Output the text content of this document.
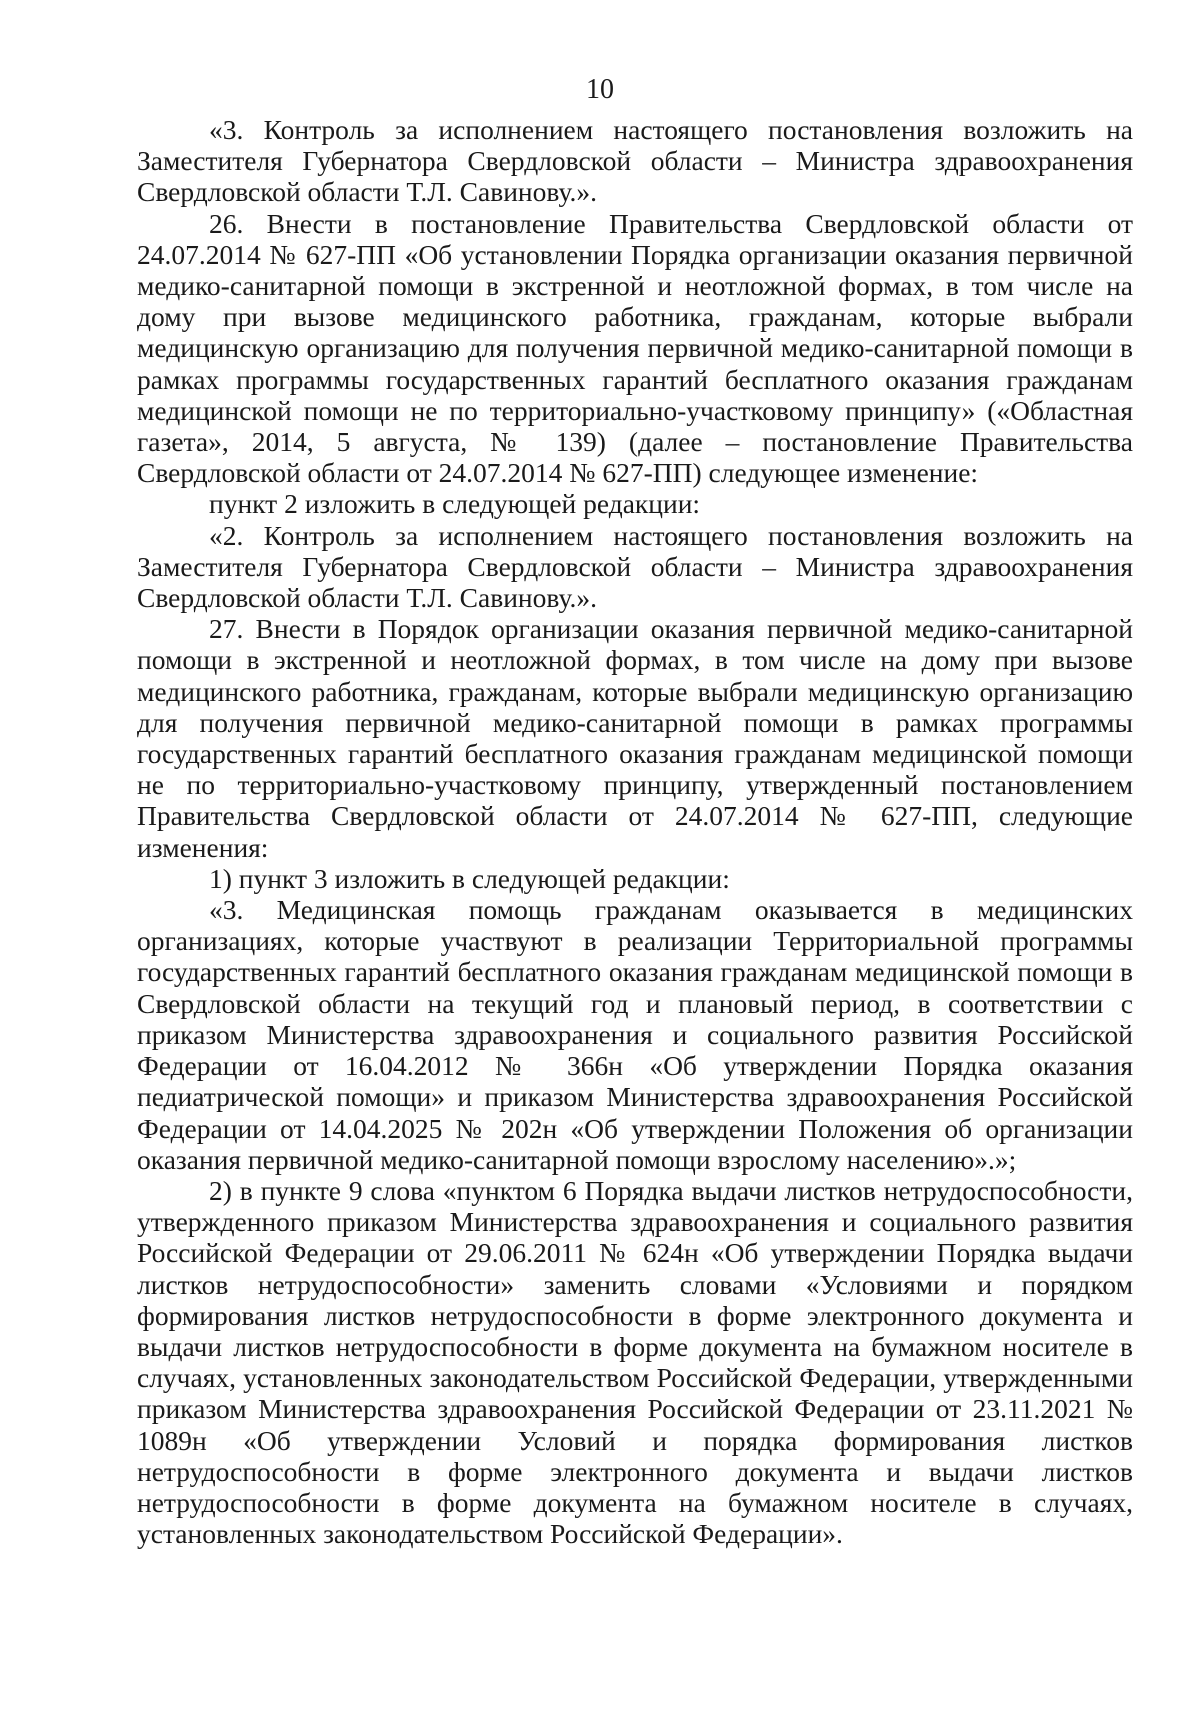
10

«3. Контроль за исполнением настоящего постановления возложить на Заместителя Губернатора Свердловской области – Министра здравоохранения Свердловской области Т.Л. Савинову.».

26. Внести в постановление Правительства Свердловской области от 24.07.2014 № 627-ПП «Об установлении Порядка организации оказания первичной медико-санитарной помощи в экстренной и неотложной формах, в том числе на дому при вызове медицинского работника, гражданам, которые выбрали медицинскую организацию для получения первичной медико-санитарной помощи в рамках программы государственных гарантий бесплатного оказания гражданам медицинской помощи не по территориально-участковому принципу» («Областная газета», 2014, 5 августа, № 139) (далее – постановление Правительства Свердловской области от 24.07.2014 № 627-ПП) следующее изменение:

пункт 2 изложить в следующей редакции:

«2. Контроль за исполнением настоящего постановления возложить на Заместителя Губернатора Свердловской области – Министра здравоохранения Свердловской области Т.Л. Савинову.».

27. Внести в Порядок организации оказания первичной медико-санитарной помощи в экстренной и неотложной формах, в том числе на дому при вызове медицинского работника, гражданам, которые выбрали медицинскую организацию для получения первичной медико-санитарной помощи в рамках программы государственных гарантий бесплатного оказания гражданам медицинской помощи не по территориально-участковому принципу, утвержденный постановлением Правительства Свердловской области от 24.07.2014 № 627-ПП, следующие изменения:

1) пункт 3 изложить в следующей редакции:

«3. Медицинская помощь гражданам оказывается в медицинских организациях, которые участвуют в реализации Территориальной программы государственных гарантий бесплатного оказания гражданам медицинской помощи в Свердловской области на текущий год и плановый период, в соответствии с приказом Министерства здравоохранения и социального развития Российской Федерации от 16.04.2012 № 366н «Об утверждении Порядка оказания педиатрической помощи» и приказом Министерства здравоохранения Российской Федерации от 14.04.2025 № 202н «Об утверждении Положения об организации оказания первичной медико-санитарной помощи взрослому населению».»;

2) в пункте 9 слова «пунктом 6 Порядка выдачи листков нетрудоспособности, утвержденного приказом Министерства здравоохранения и социального развития Российской Федерации от 29.06.2011 № 624н «Об утверждении Порядка выдачи листков нетрудоспособности» заменить словами «Условиями и порядком формирования листков нетрудоспособности в форме электронного документа и выдачи листков нетрудоспособности в форме документа на бумажном носителе в случаях, установленных законодательством Российской Федерации, утвержденными приказом Министерства здравоохранения Российской Федерации от 23.11.2021 № 1089н «Об утверждении Условий и порядка формирования листков нетрудоспособности в форме электронного документа и выдачи листков нетрудоспособности в форме документа на бумажном носителе в случаях, установленных законодательством Российской Федерации».
